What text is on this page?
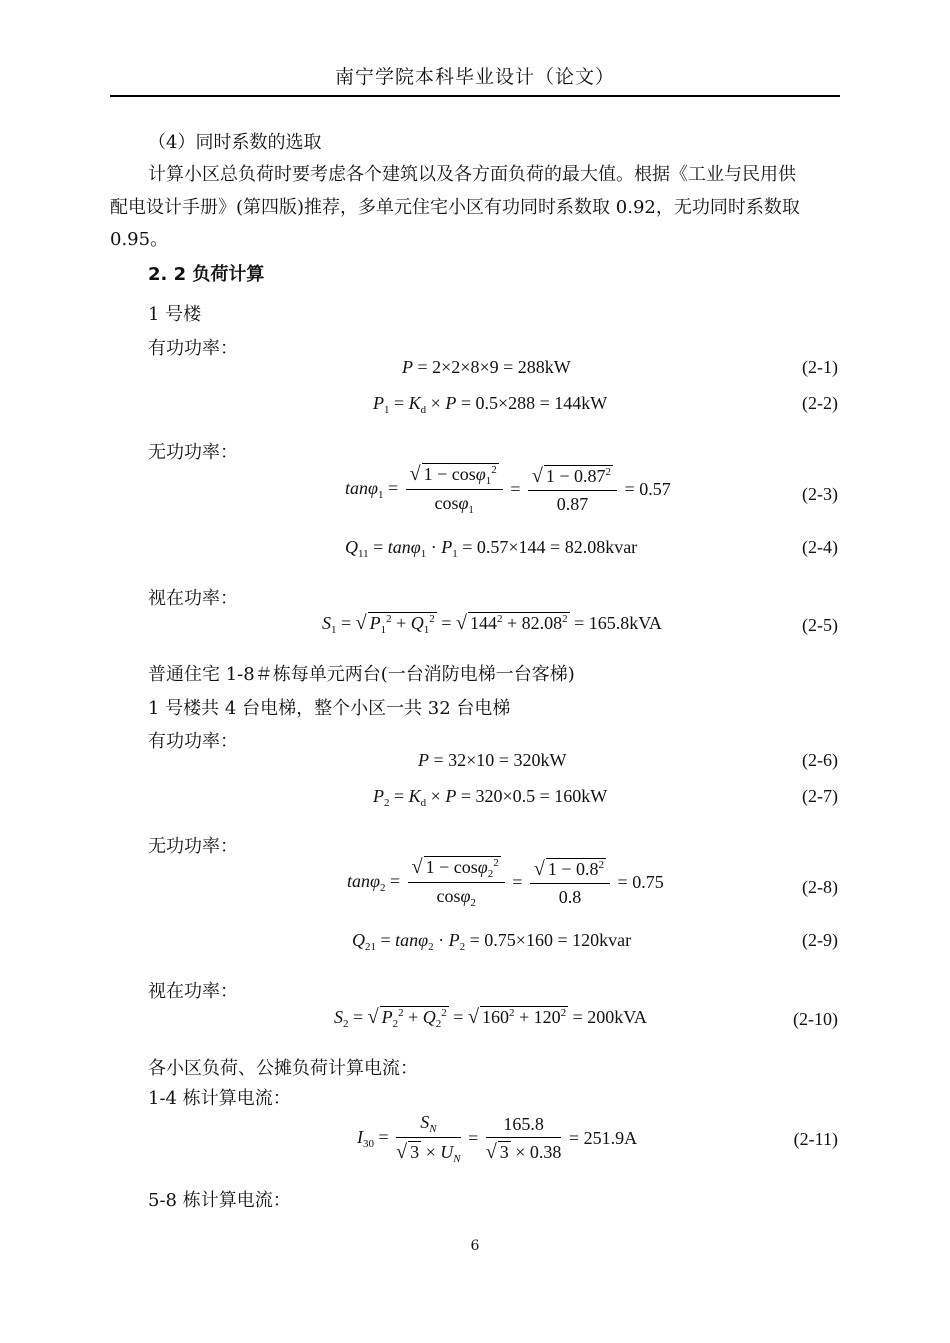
南宁学院本科毕业设计（论文）
（4）同时系数的选取
计算小区总负荷时要考虑各个建筑以及各方面负荷的最大值。根据《工业与民用供
配电设计手册》(第四版)推荐，多单元住宅小区有功同时系数取 0.92，无功同时系数取
0.95。
2. 2 负荷计算
1 号楼
有功功率：
P = 2×2×8×9 = 288kW	(2-1)
$P_1 = K_d \times P = 0.5\times 288 = 144kW$	(2-2)
无功功率：
$\tan\varphi_1 = \frac{√ 1 - \cos\varphi_1^2}{\cos\varphi_1} = \frac{√ 1 - 0.87^2}{0.87} = 0.57$	(2-3)
$Q_{11} = \tan\varphi_1 \cdot P_1 = 0.57\times 144$ = 82.08kvar	(2-4)
视在功率：
$S_1$ = √ $P_1^2 + Q_1^2$ = √ $144^2 + 82.08^2 = 165.8kVA$	(2-5)
普通住宅 1-8＃栋每单元两台(一台消防电梯一台客梯)
1 号楼共 4 台电梯，整个小区一共 32 台电梯
有功功率：
P = 32×10 = 320kW	(2-6)
$P_2 = K_d \times P = 320\times 0.5 = 160kW$	(2-7)
无功功率：
$\tan\varphi_2 = \frac{√ 1 - \cos\varphi_2^2}{\cos\varphi_2} = \frac{√ 1 - 0.8^2}{0.8} = 0.75$	(2-8)
$Q_{21} = \tan\varphi_2 \cdot P_2 = 0.75\times 160$ = 120kvar	(2-9)
视在功率：
$S_2$ = √ $P_2^2 + Q_2^2$ = √ $160^2 + 120^2 = 200kVA$	(2-10)
各小区负荷、公摊负荷计算电流：
1-4 栋计算电流：
$I_{30} = \frac{S_N}{√ 3 \times U_N} = \frac{165.8}{√ 3 \times 0.38} = 251.9A$	(2-11)
5-8 栋计算电流：
6
